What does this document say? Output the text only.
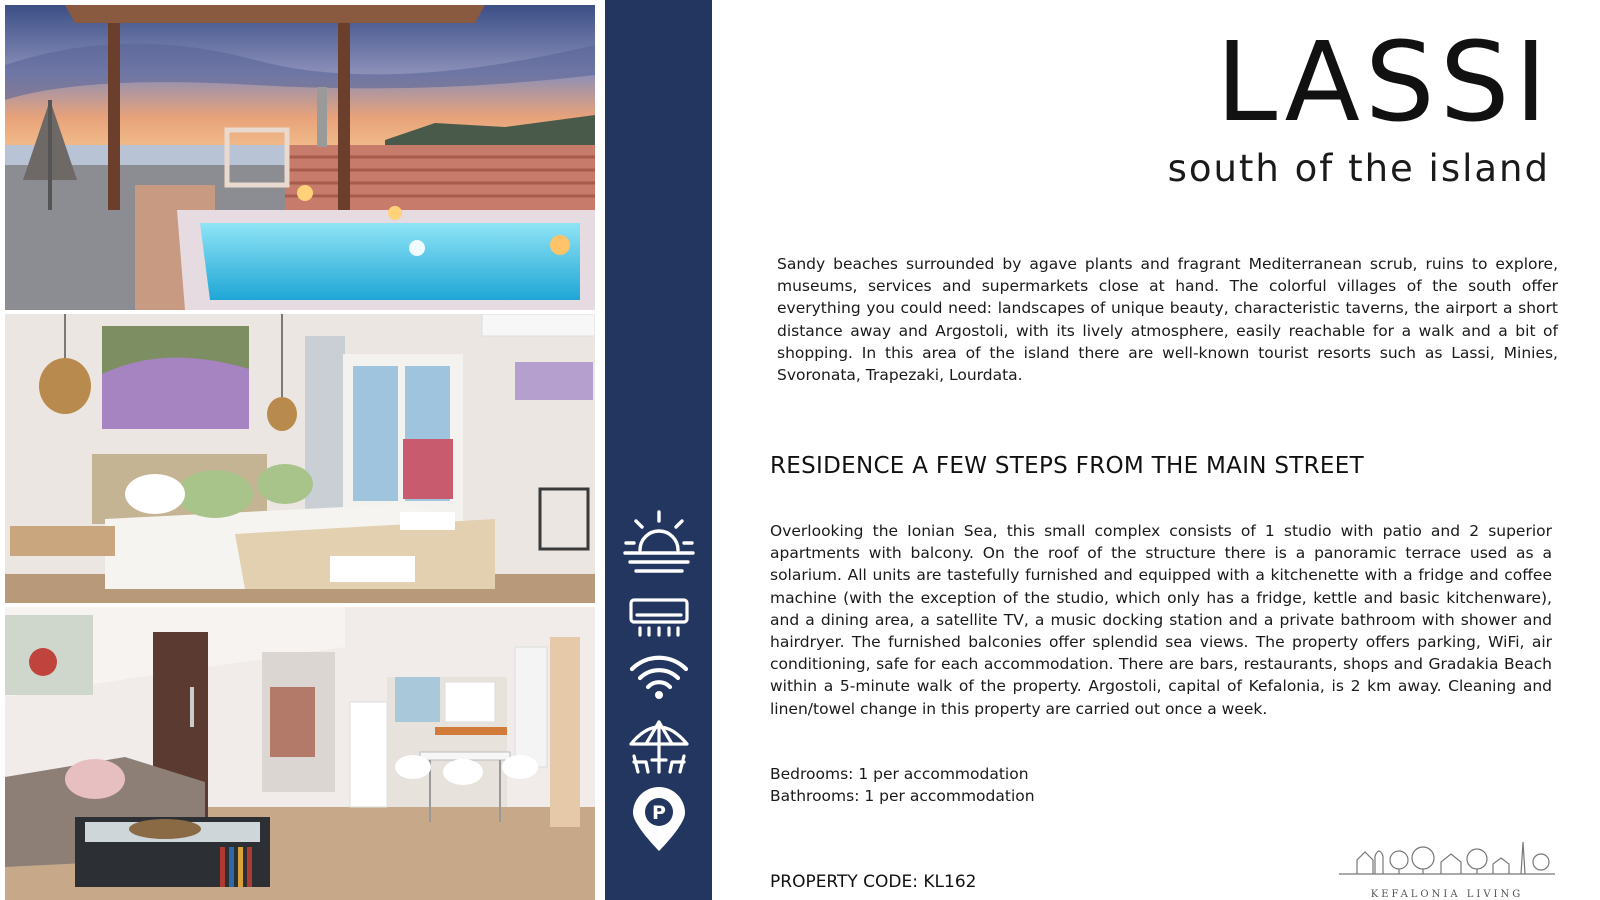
P
LASSI
south of the island

Sandy beaches surrounded by agave plants and fragrant Mediterranean scrub, ruins to explore, museums, services and supermarkets close at hand. The colorful villages of the south offer everything you could need: landscapes of unique beauty, characteristic taverns, the airport a short distance away and Argostoli, with its lively atmosphere, easily reachable for a walk and a bit of shopping. In this area of the island there are well-known tourist resorts such as Lassi, Minies, Svoronata, Trapezaki, Lourdata.

RESIDENCE A FEW STEPS FROM THE MAIN STREET

Overlooking the Ionian Sea, this small complex consists of 1 studio with patio and 2 superior apartments with balcony. On the roof of the structure there is a panoramic terrace used as a solarium. All units are tastefully furnished and equipped with a kitchenette with a fridge and coffee machine (with the exception of the studio, which only has a fridge, kettle and basic kitchenware), and a dining area, a satellite TV, a music docking station and a private bathroom with shower and hairdryer. The furnished balconies offer splendid sea views. The property offers parking, WiFi, air conditioning, safe for each accommodation. There are bars, restaurants, shops and Gradakia Beach within a 5-minute walk of the property. Argostoli, capital of Kefalonia, is 2 km away. Cleaning and linen/towel change in this property are carried out once a week.

Bedrooms: 1 per accommodation
Bathrooms: 1 per accommodation
PROPERTY CODE: KL162
KEFALONIA LIVING
